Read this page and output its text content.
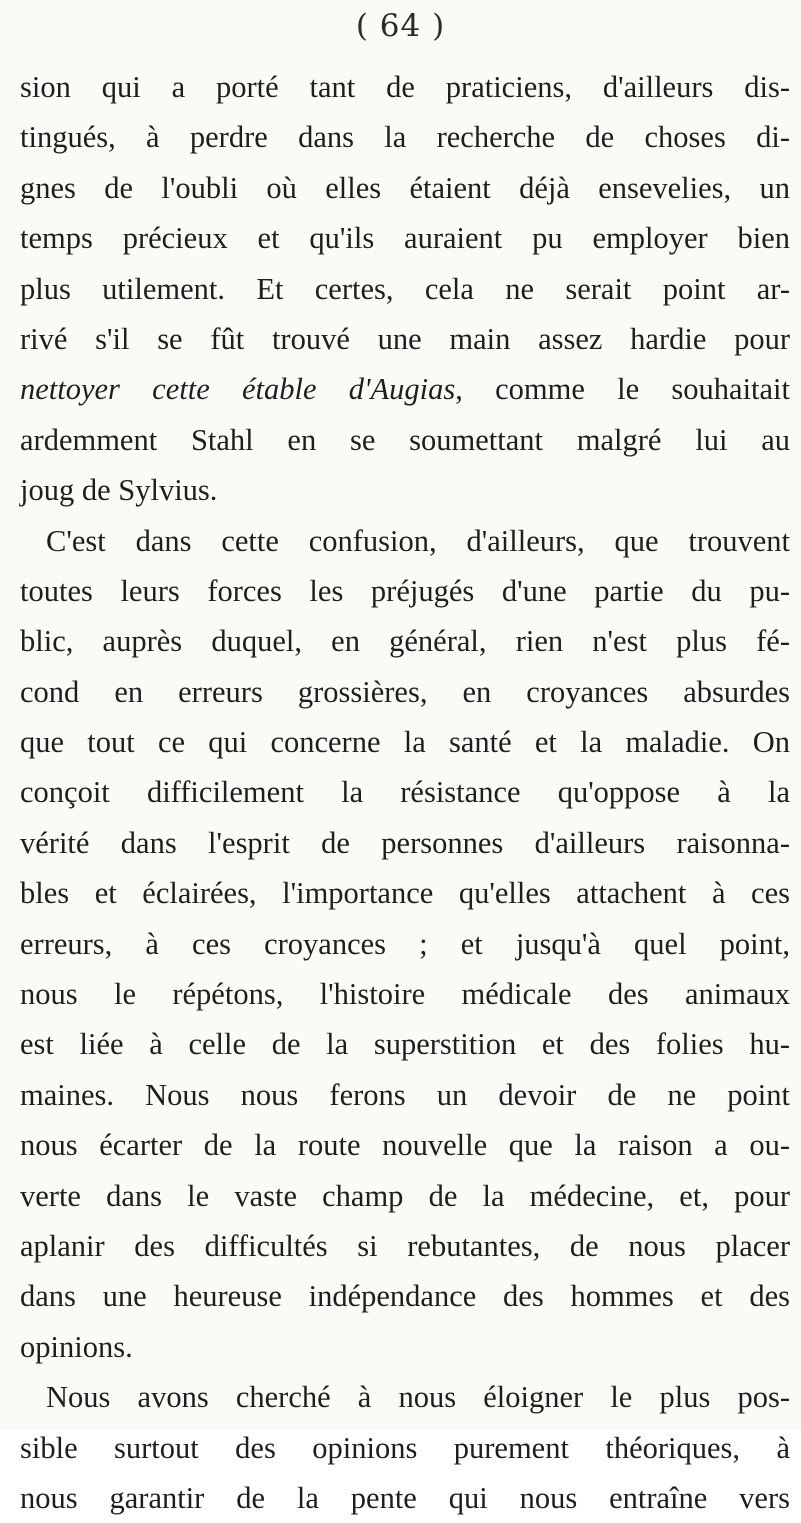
( 64 )
sion qui a porté tant de praticiens, d'ailleurs dis-
tingués, à perdre dans la recherche de choses di-
gnes de l'oubli où elles étaient déjà ensevelies, un
temps précieux et qu'ils auraient pu employer bien
plus utilement. Et certes, cela ne serait point ar-
rivé s'il se fût trouvé une main assez hardie pour
nettoyer cette étable d'Augias, comme le souhaitait
ardemment Stahl en se soumettant malgré lui au
joug de Sylvius.
C'est dans cette confusion, d'ailleurs, que trouvent
toutes leurs forces les préjugés d'une partie du pu-
blic, auprès duquel, en général, rien n'est plus fé-
cond en erreurs grossières, en croyances absurdes
que tout ce qui concerne la santé et la maladie. On
conçoit difficilement la résistance qu'oppose à la
vérité dans l'esprit de personnes d'ailleurs raisonna-
bles et éclairées, l'importance qu'elles attachent à ces
erreurs, à ces croyances ; et jusqu'à quel point,
nous le répétons, l'histoire médicale des animaux
est liée à celle de la superstition et des folies hu-
maines. Nous nous ferons un devoir de ne point
nous écarter de la route nouvelle que la raison a ou-
verte dans le vaste champ de la médecine, et, pour
aplanir des difficultés si rebutantes, de nous placer
dans une heureuse indépendance des hommes et des
opinions.
Nous avons cherché à nous éloigner le plus pos-
sible surtout des opinions purement théoriques, à
nous garantir de la pente qui nous entraîne vers
